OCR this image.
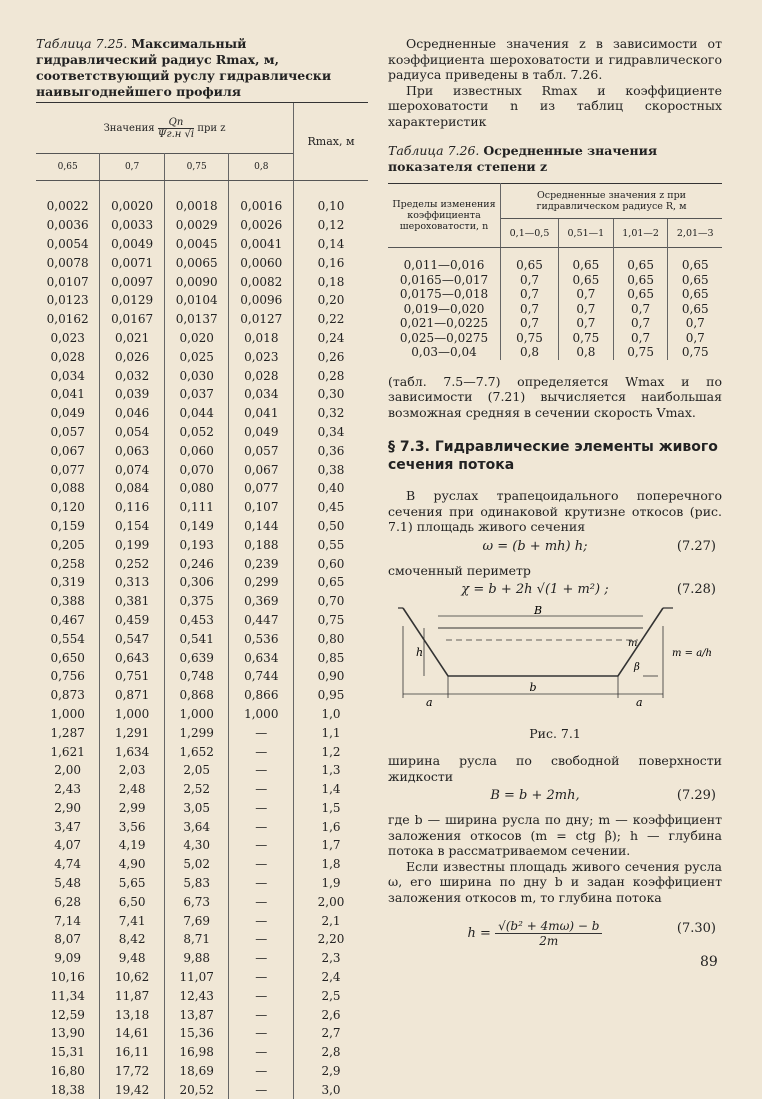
Таблица 7.25. Максимальный гидравлический радиус Rmax, м, соответствующий руслу гидравлически наивыгоднейшего профиля
Значения $\frac{Qn}{\Psi г.н √i}$ при z				Rmax, м
0,65	0,7	0,75	0,8	
0,0022	0,0020	0,0018	0,0016	0,10
0,0036	0,0033	0,0029	0,0026	0,12
0,0054	0,0049	0,0045	0,0041	0,14
0,0078	0,0071	0,0065	0,0060	0,16
0,0107	0,0097	0,0090	0,0082	0,18
0,0123	0,0129	0,0104	0,0096	0,20
0,0162	0,0167	0,0137	0,0127	0,22
0,023	0,021	0,020	0,018	0,24
0,028	0,026	0,025	0,023	0,26
0,034	0,032	0,030	0,028	0,28
0,041	0,039	0,037	0,034	0,30
0,049	0,046	0,044	0,041	0,32
0,057	0,054	0,052	0,049	0,34
0,067	0,063	0,060	0,057	0,36
0,077	0,074	0,070	0,067	0,38
0,088	0,084	0,080	0,077	0,40
0,120	0,116	0,111	0,107	0,45
0,159	0,154	0,149	0,144	0,50
0,205	0,199	0,193	0,188	0,55
0,258	0,252	0,246	0,239	0,60
0,319	0,313	0,306	0,299	0,65
0,388	0,381	0,375	0,369	0,70
0,467	0,459	0,453	0,447	0,75
0,554	0,547	0,541	0,536	0,80
0,650	0,643	0,639	0,634	0,85
0,756	0,751	0,748	0,744	0,90
0,873	0,871	0,868	0,866	0,95
1,000	1,000	1,000	1,000	1,0
1,287	1,291	1,299	—	1,1
1,621	1,634	1,652	—	1,2
2,00	2,03	2,05	—	1,3
2,43	2,48	2,52	—	1,4
2,90	2,99	3,05	—	1,5
3,47	3,56	3,64	—	1,6
4,07	4,19	4,30	—	1,7
4,74	4,90	5,02	—	1,8
5,48	5,65	5,83	—	1,9
6,28	6,50	6,73	—	2,00
7,14	7,41	7,69	—	2,1
8,07	8,42	8,71	—	2,20
9,09	9,48	9,88	—	2,3
10,16	10,62	11,07	—	2,4
11,34	11,87	12,43	—	2,5
12,59	13,18	13,87	—	2,6
13,90	14,61	15,36	—	2,7
15,31	16,11	16,98	—	2,8
16,80	17,72	18,69	—	2,9
18,38	19,42	20,52	—	3,0

Осредненные значения z в зависимости от коэффициента шероховатости и гидравлического радиуса приведены в табл. 7.26.

При известных Rmax и коэффициенте шероховатости n из таблиц скоростных характеристик

Таблица 7.26. Осредненные значения показателя степени z
Пределы изменения коэффициента шероховатости, n	Осредненные значения z при гидравлическом радиусе R, м			
	0,1—0,5	0,51—1	1,01—2	2,01—3
0,011—0,016	0,65	0,65	0,65	0,65
0,0165—0,017	0,7	0,65	0,65	0,65
0,0175—0,018	0,7	0,7	0,65	0,65
0,019—0,020	0,7	0,7	0,7	0,65
0,021—0,0225	0,7	0,7	0,7	0,7
0,025—0,0275	0,75	0,75	0,7	0,7
0,03—0,04	0,8	0,8	0,75	0,75

(табл. 7.5—7.7) определяется Wmax и по зависимости (7.21) вычисляется наибольшая возможная средняя в сечении скорость Vmax.

§ 7.3. Гидравлические элементы живого сечения потока

В руслах трапецоидального поперечного сечения при одинаковой крутизне откосов (рис. 7.1) площадь живого сечения

ω = (b + mh) h;	(7.27)

смоченный периметр

χ = b + 2h √(1 + m²) ;	(7.28)
B
h
b
a	a
m
β
m = a/h
Рис. 7.1

ширина русла по свободной поверхности жидкости

B = b + 2mh,	(7.29)

где b — ширина русла по дну; m — коэффициент заложения откосов (m = ctg β); h — глубина потока в рассматриваемом сечении.

Если известны площадь живого сечения русла ω, его ширина по дну b и задан коэффициент заложения откосов m, то глубина потока

$h = \frac{\text{√(b² + 4mω) − b}}{2m}$	(7.30)
89
